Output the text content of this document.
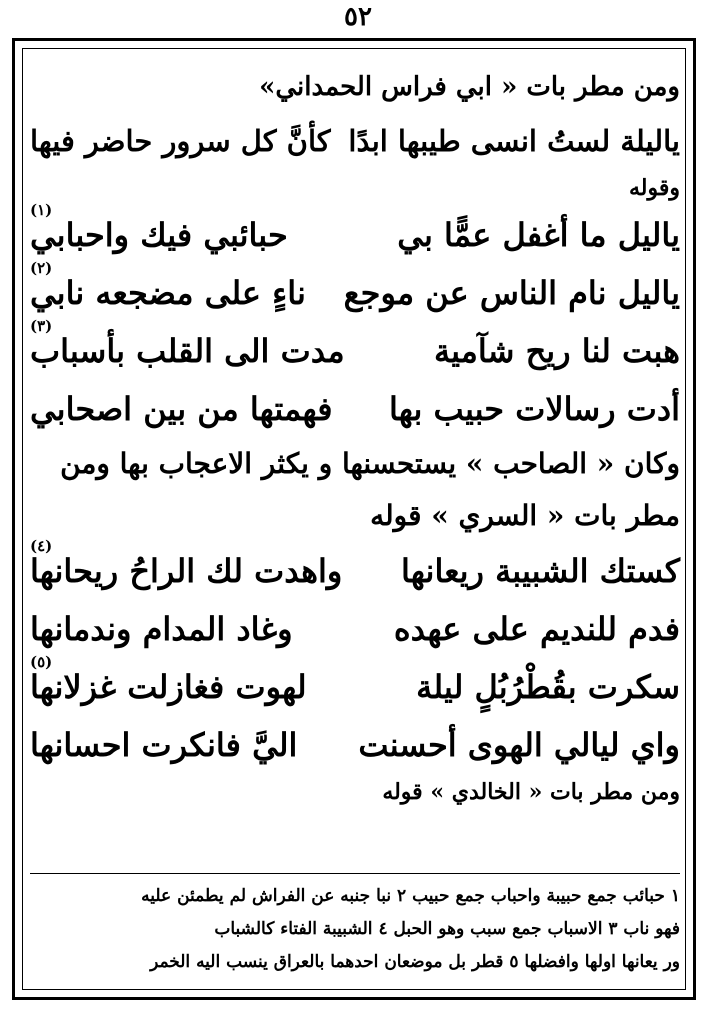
٥٢
ومن مطر بات « ابي فراس الحمداني»
ياليلة لستُ انسى طيبها ابدًا
كأنَّ كل سرور حاضر فيها
وقوله
ياليل ما أغفل عمًّا بي
حبائبي فيك واحبابي
(١)
ياليل نام الناس عن موجع
ناءٍ على مضجعه نابي
(٢)
هبت لنا ريح شآمية
مدت الى القلب بأسباب
(٣)
أدت رسالات حبيب بها
فهمتها من بين اصحابي
وكان « الصاحب » يستحسنها و يكثر الاعجاب بها ومن
مطر بات « السري » قوله
كستك الشبيبة ريعانها
واهدت لك الراحُ ريحانها
(٤)
فدم للنديم على عهده
وغاد المدام وندمانها
سكرت بقُطْرُبُلٍ ليلة
لهوت فغازلت غزلانها
(٥)
واي ليالي الهوى أحسنت
اليَّ فانكرت احسانها
ومن مطر بات « الخالدي » قوله
١ حبائب جمع حبيبة واحباب جمع حبيب ٢ نبا جنبه عن الفراش لم يطمئن عليه
فهو ناب ٣ الاسباب جمع سبب وهو الحبل ٤ الشبيبة الفتاء كالشباب
ور يعانها اولها وافضلها ٥ قطر بل موضعان احدهما بالعراق ينسب اليه الخمر
